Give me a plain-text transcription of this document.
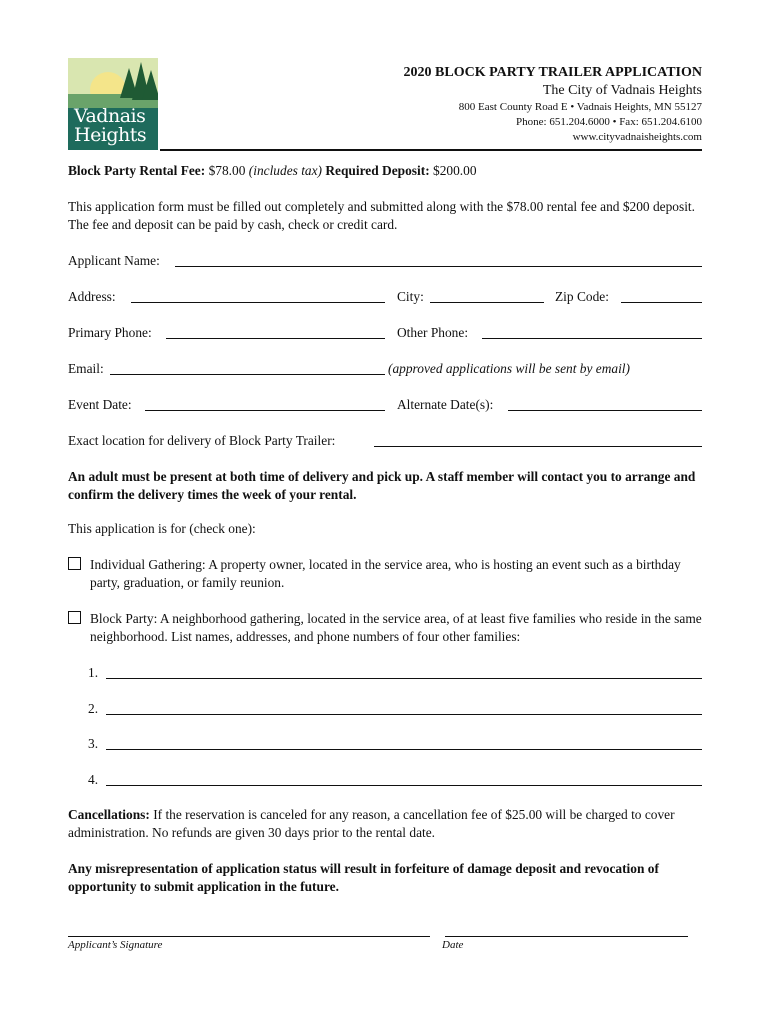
Vadnais
Heights
2020 BLOCK PARTY TRAILER APPLICATION
The City of Vadnais Heights
800 East County Road E • Vadnais Heights, MN 55127
Phone: 651.204.6000 • Fax: 651.204.6100
www.cityvadnaisheights.com
Block Party Rental Fee: $78.00 (includes tax) Required Deposit: $200.00
This application form must be filled out completely and submitted along with the $78.00 rental fee and $200 deposit. The fee and deposit can be paid by cash, check or credit card.
Applicant Name:
Address:	City:	Zip Code:
Primary Phone:	Other Phone:
Email:	(approved applications will be sent by email)
Event Date:	Alternate Date(s):
Exact location for delivery of Block Party Trailer:
An adult must be present at both time of delivery and pick up. A staff member will contact you to arrange and confirm the delivery times the week of your rental.
This application is for (check one):
Individual Gathering: A property owner, located in the service area, who is hosting an event such as a birthday party, graduation, or family reunion.
Block Party: A neighborhood gathering, located in the service area, of at least five families who reside in the same neighborhood. List names, addresses, and phone numbers of four other families:
1.
2.
3.
4.
Cancellations: If the reservation is canceled for any reason, a cancellation fee of $25.00 will be charged to cover administration. No refunds are given 30 days prior to the rental date.
Any misrepresentation of application status will result in forfeiture of damage deposit and revocation of opportunity to submit application in the future.
Applicant’s Signature	Date
